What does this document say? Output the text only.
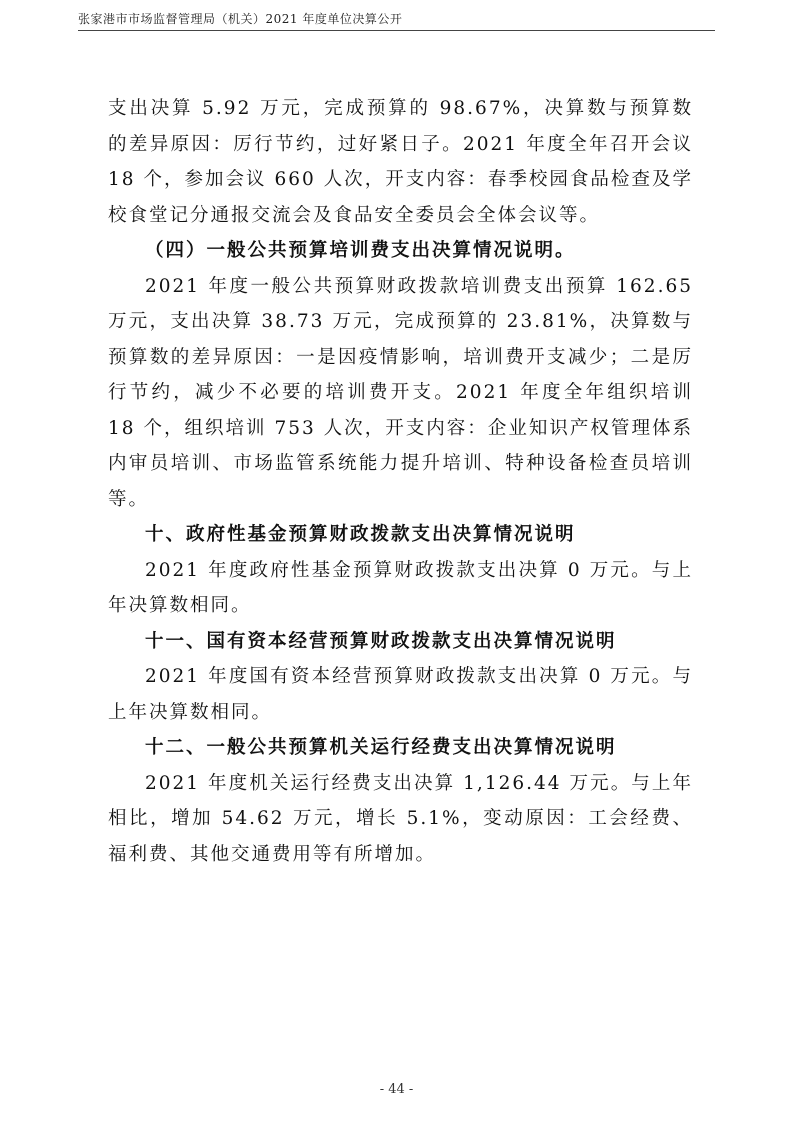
张家港市市场监督管理局（机关）2021 年度单位决算公开

支出决算 5.92 万元，完成预算的 98.67%，决算数与预算数的差异原因：厉行节约，过好紧日子。2021 年度全年召开会议 18 个，参加会议 660 人次，开支内容：春季校园食品检查及学校食堂记分通报交流会及食品安全委员会全体会议等。

（四）一般公共预算培训费支出决算情况说明。

2021 年度一般公共预算财政拨款培训费支出预算 162.65 万元，支出决算 38.73 万元，完成预算的 23.81%，决算数与预算数的差异原因：一是因疫情影响，培训费开支减少；二是厉行节约，减少不必要的培训费开支。2021 年度全年组织培训 18 个，组织培训 753 人次，开支内容：企业知识产权管理体系内审员培训、市场监管系统能力提升培训、特种设备检查员培训等。

十、政府性基金预算财政拨款支出决算情况说明

2021 年度政府性基金预算财政拨款支出决算 0 万元。与上年决算数相同。

十一、国有资本经营预算财政拨款支出决算情况说明

2021 年度国有资本经营预算财政拨款支出决算 0 万元。与上年决算数相同。

十二、一般公共预算机关运行经费支出决算情况说明

2021 年度机关运行经费支出决算 1,126.44 万元。与上年相比，增加 54.62 万元，增长 5.1%，变动原因：工会经费、福利费、其他交通费用等有所增加。

- 44 -
